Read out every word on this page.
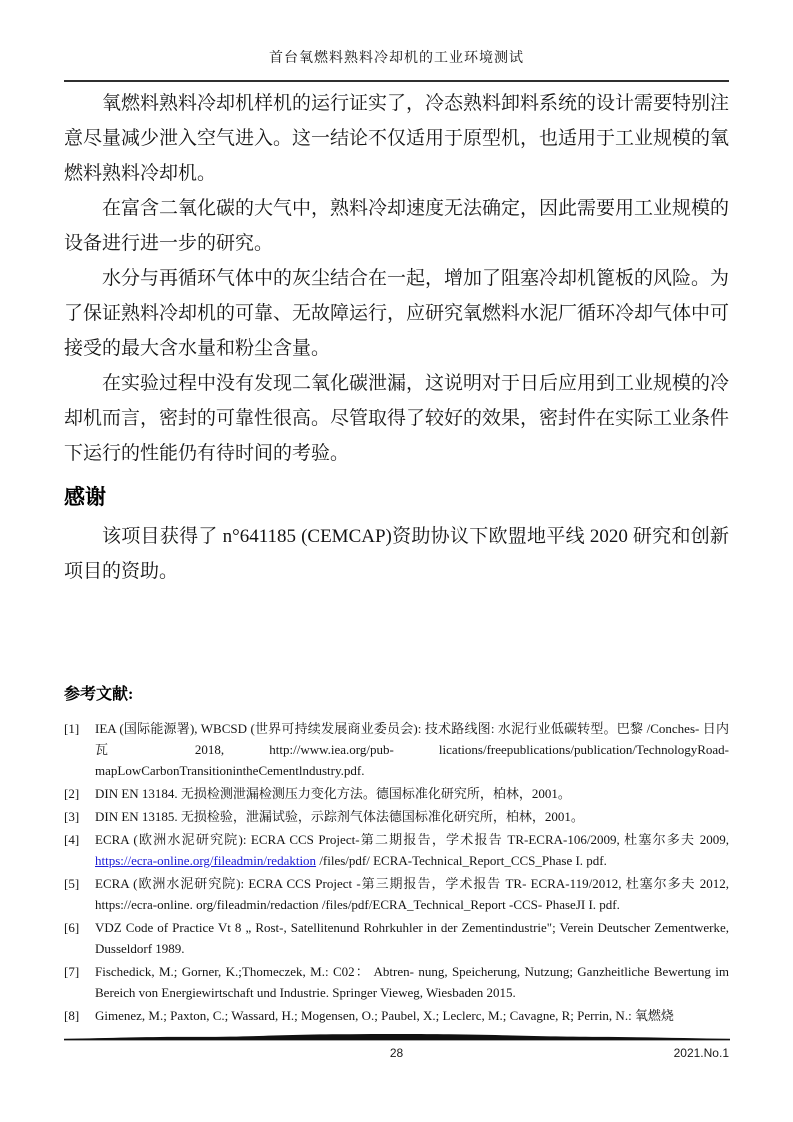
首台氧燃料熟料冷却机的工业环境测试

氧燃料熟料冷却机样机的运行证实了，冷态熟料卸料系统的设计需要特别注意尽量减少泄入空气进入。这一结论不仅适用于原型机，也适用于工业规模的氧燃料熟料冷却机。

在富含二氧化碳的大气中，熟料冷却速度无法确定，因此需要用工业规模的设备进行进一步的研究。

水分与再循环气体中的灰尘结合在一起，增加了阻塞冷却机篦板的风险。为了保证熟料冷却机的可靠、无故障运行，应研究氧燃料水泥厂循环冷却气体中可接受的最大含水量和粉尘含量。

在实验过程中没有发现二氧化碳泄漏，这说明对于日后应用到工业规模的冷却机而言，密封的可靠性很高。尽管取得了较好的效果，密封件在实际工业条件下运行的性能仍有待时间的考验。

感谢

该项目获得了 n°641185 (CEMCAP)资助协议下欧盟地平线 2020 研究和创新项目的资助。

参考文献:
[1] IEA (国际能源署), WBCSD (世界可持续发展商业委员会): 技术路线图: 水泥行业低碳转型。巴黎 /Conches- 日内瓦 2018, http://www.iea.org/pub- lications/freepublications/publication/TechnologyRoad- mapLowCarbonTransitionintheCementlndustry.pdf.
[2] DIN EN 13184. 无损检测泄漏检测压力变化方法。德国标准化研究所，柏林，2001。
[3] DIN EN 13185. 无损检验，泄漏试验，示踪剂气体法德国标准化研究所，柏林，2001。
[4] ECRA (欧洲水泥研究院): ECRA CCS Project-第二期报告，学术报告 TR-ECRA-106/2009, 杜塞尔多夫 2009, https://ecra-online.org/fileadmin/redaktion /files/pdf/ ECRA-Technical_Report_CCS_Phase I. pdf.
[5] ECRA (欧洲水泥研究院): ECRA CCS Project -第三期报告，学术报告 TR- ECRA-119/2012, 杜塞尔多夫 2012, https://ecra-online. org/fileadmin/redaction /files/pdf/ECRA_Technical_Report -CCS- PhaseJI I. pdf.
[6] VDZ Code of Practice Vt 8 „ Rost-, Satellitenund Rohrkuhler in der Zementindustrie"; Verein Deutscher Zementwerke, Dusseldorf 1989.
[7] Fischedick, M.; Gorner, K.;Thomeczek, M.: C02： Abtren- nung, Speicherung, Nutzung; Ganzheitliche Bewertung im Bereich von Energiewirtschaft und Industrie. Springer Vieweg, Wiesbaden 2015.
[8] Gimenez, M.; Paxton, C.; Wassard, H.; Mogensen, O.; Paubel, X.; Leclerc, M.; Cavagne, R; Perrin, N.: 氧燃烧
28	2021.No.1
